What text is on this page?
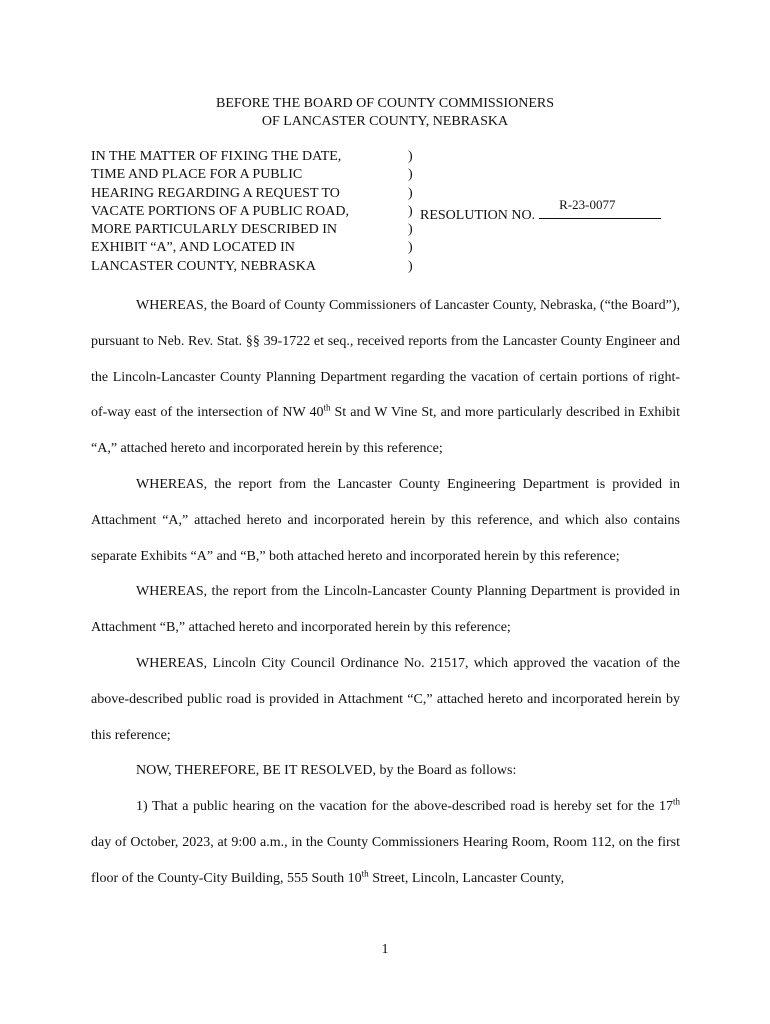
BEFORE THE BOARD OF COUNTY COMMISSIONERS
OF LANCASTER COUNTY, NEBRASKA
IN THE MATTER OF FIXING THE DATE,
TIME AND PLACE FOR A PUBLIC
HEARING REGARDING A REQUEST TO
VACATE PORTIONS OF A PUBLIC ROAD,
MORE PARTICULARLY DESCRIBED IN
EXHIBIT “A”, AND LOCATED IN
LANCASTER COUNTY, NEBRASKA
)
)
)
)
)
)
)
RESOLUTION NO.
R-23-0077

WHEREAS, the Board of County Commissioners of Lancaster County, Nebraska, (“the Board”), pursuant to Neb. Rev. Stat. §§ 39-1722 et seq., received reports from the Lancaster County Engineer and the Lincoln-Lancaster County Planning Department regarding the vacation of certain portions of right-of-way east of the intersection of NW 40th St and W Vine St, and more particularly described in Exhibit “A,” attached hereto and incorporated herein by this reference;

WHEREAS, the report from the Lancaster County Engineering Department is provided in Attachment “A,” attached hereto and incorporated herein by this reference, and which also contains separate Exhibits “A” and “B,” both attached hereto and incorporated herein by this reference;

WHEREAS, the report from the Lincoln-Lancaster County Planning Department is provided in Attachment “B,” attached hereto and incorporated herein by this reference;

WHEREAS, Lincoln City Council Ordinance No. 21517, which approved the vacation of the above-described public road is provided in Attachment “C,” attached hereto and incorporated herein by this reference;

NOW, THEREFORE, BE IT RESOLVED, by the Board as follows:

1) That a public hearing on the vacation for the above-described road is hereby set for the 17th day of October, 2023, at 9:00 a.m., in the County Commissioners Hearing Room, Room 112, on the first floor of the County-City Building, 555 South 10th Street, Lincoln, Lancaster County,

1
